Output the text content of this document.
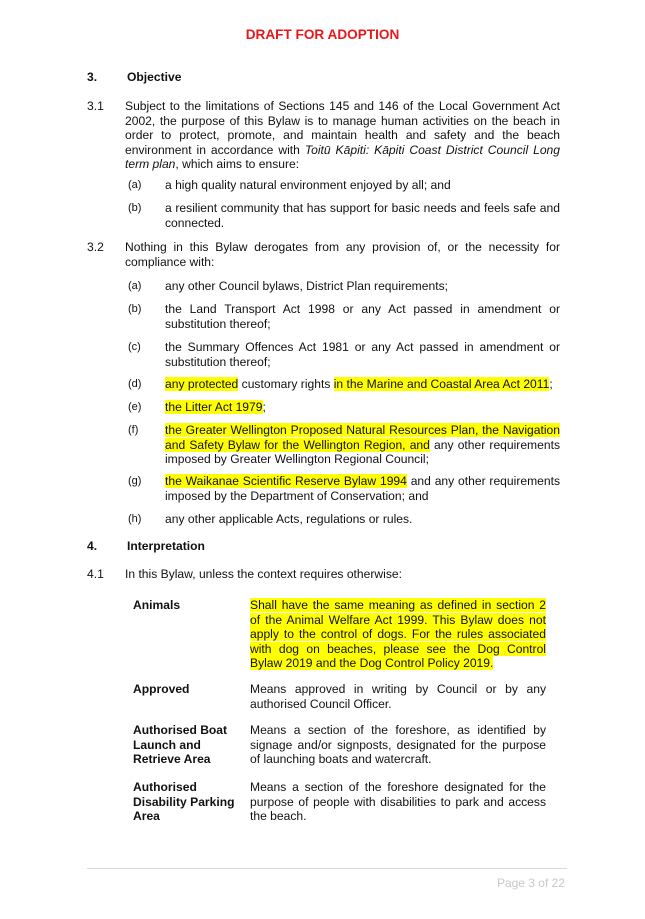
DRAFT FOR ADOPTION
3. Objective
3.1 Subject to the limitations of Sections 145 and 146 of the Local Government Act 2002, the purpose of this Bylaw is to manage human activities on the beach in order to protect, promote, and maintain health and safety and the beach environment in accordance with Toitū Kāpiti: Kāpiti Coast District Council Long term plan, which aims to ensure:
(a) a high quality natural environment enjoyed by all; and
(b) a resilient community that has support for basic needs and feels safe and connected.
3.2 Nothing in this Bylaw derogates from any provision of, or the necessity for compliance with:
(a) any other Council bylaws, District Plan requirements;
(b) the Land Transport Act 1998 or any Act passed in amendment or substitution thereof;
(c) the Summary Offences Act 1981 or any Act passed in amendment or substitution thereof;
(d) any protected customary rights in the Marine and Coastal Area Act 2011;
(e) the Litter Act 1979;
(f) the Greater Wellington Proposed Natural Resources Plan, the Navigation and Safety Bylaw for the Wellington Region, and any other requirements imposed by Greater Wellington Regional Council;
(g) the Waikanae Scientific Reserve Bylaw 1994 and any other requirements imposed by the Department of Conservation; and
(h) any other applicable Acts, regulations or rules.
4. Interpretation
4.1 In this Bylaw, unless the context requires otherwise:
Animals	Shall have the same meaning as defined in section 2 of the Animal Welfare Act 1999. This Bylaw does not apply to the control of dogs. For the rules associated with dog on beaches, please see the Dog Control Bylaw 2019 and the Dog Control Policy 2019.
Approved	Means approved in writing by Council or by any authorised Council Officer.
Authorised Boat Launch and Retrieve Area
Means a section of the foreshore, as identified by signage and/or signposts, designated for the purpose of launching boats and watercraft.
Authorised Disability Parking Area
Means a section of the foreshore designated for the purpose of people with disabilities to park and access the beach.
Page 3 of 22
